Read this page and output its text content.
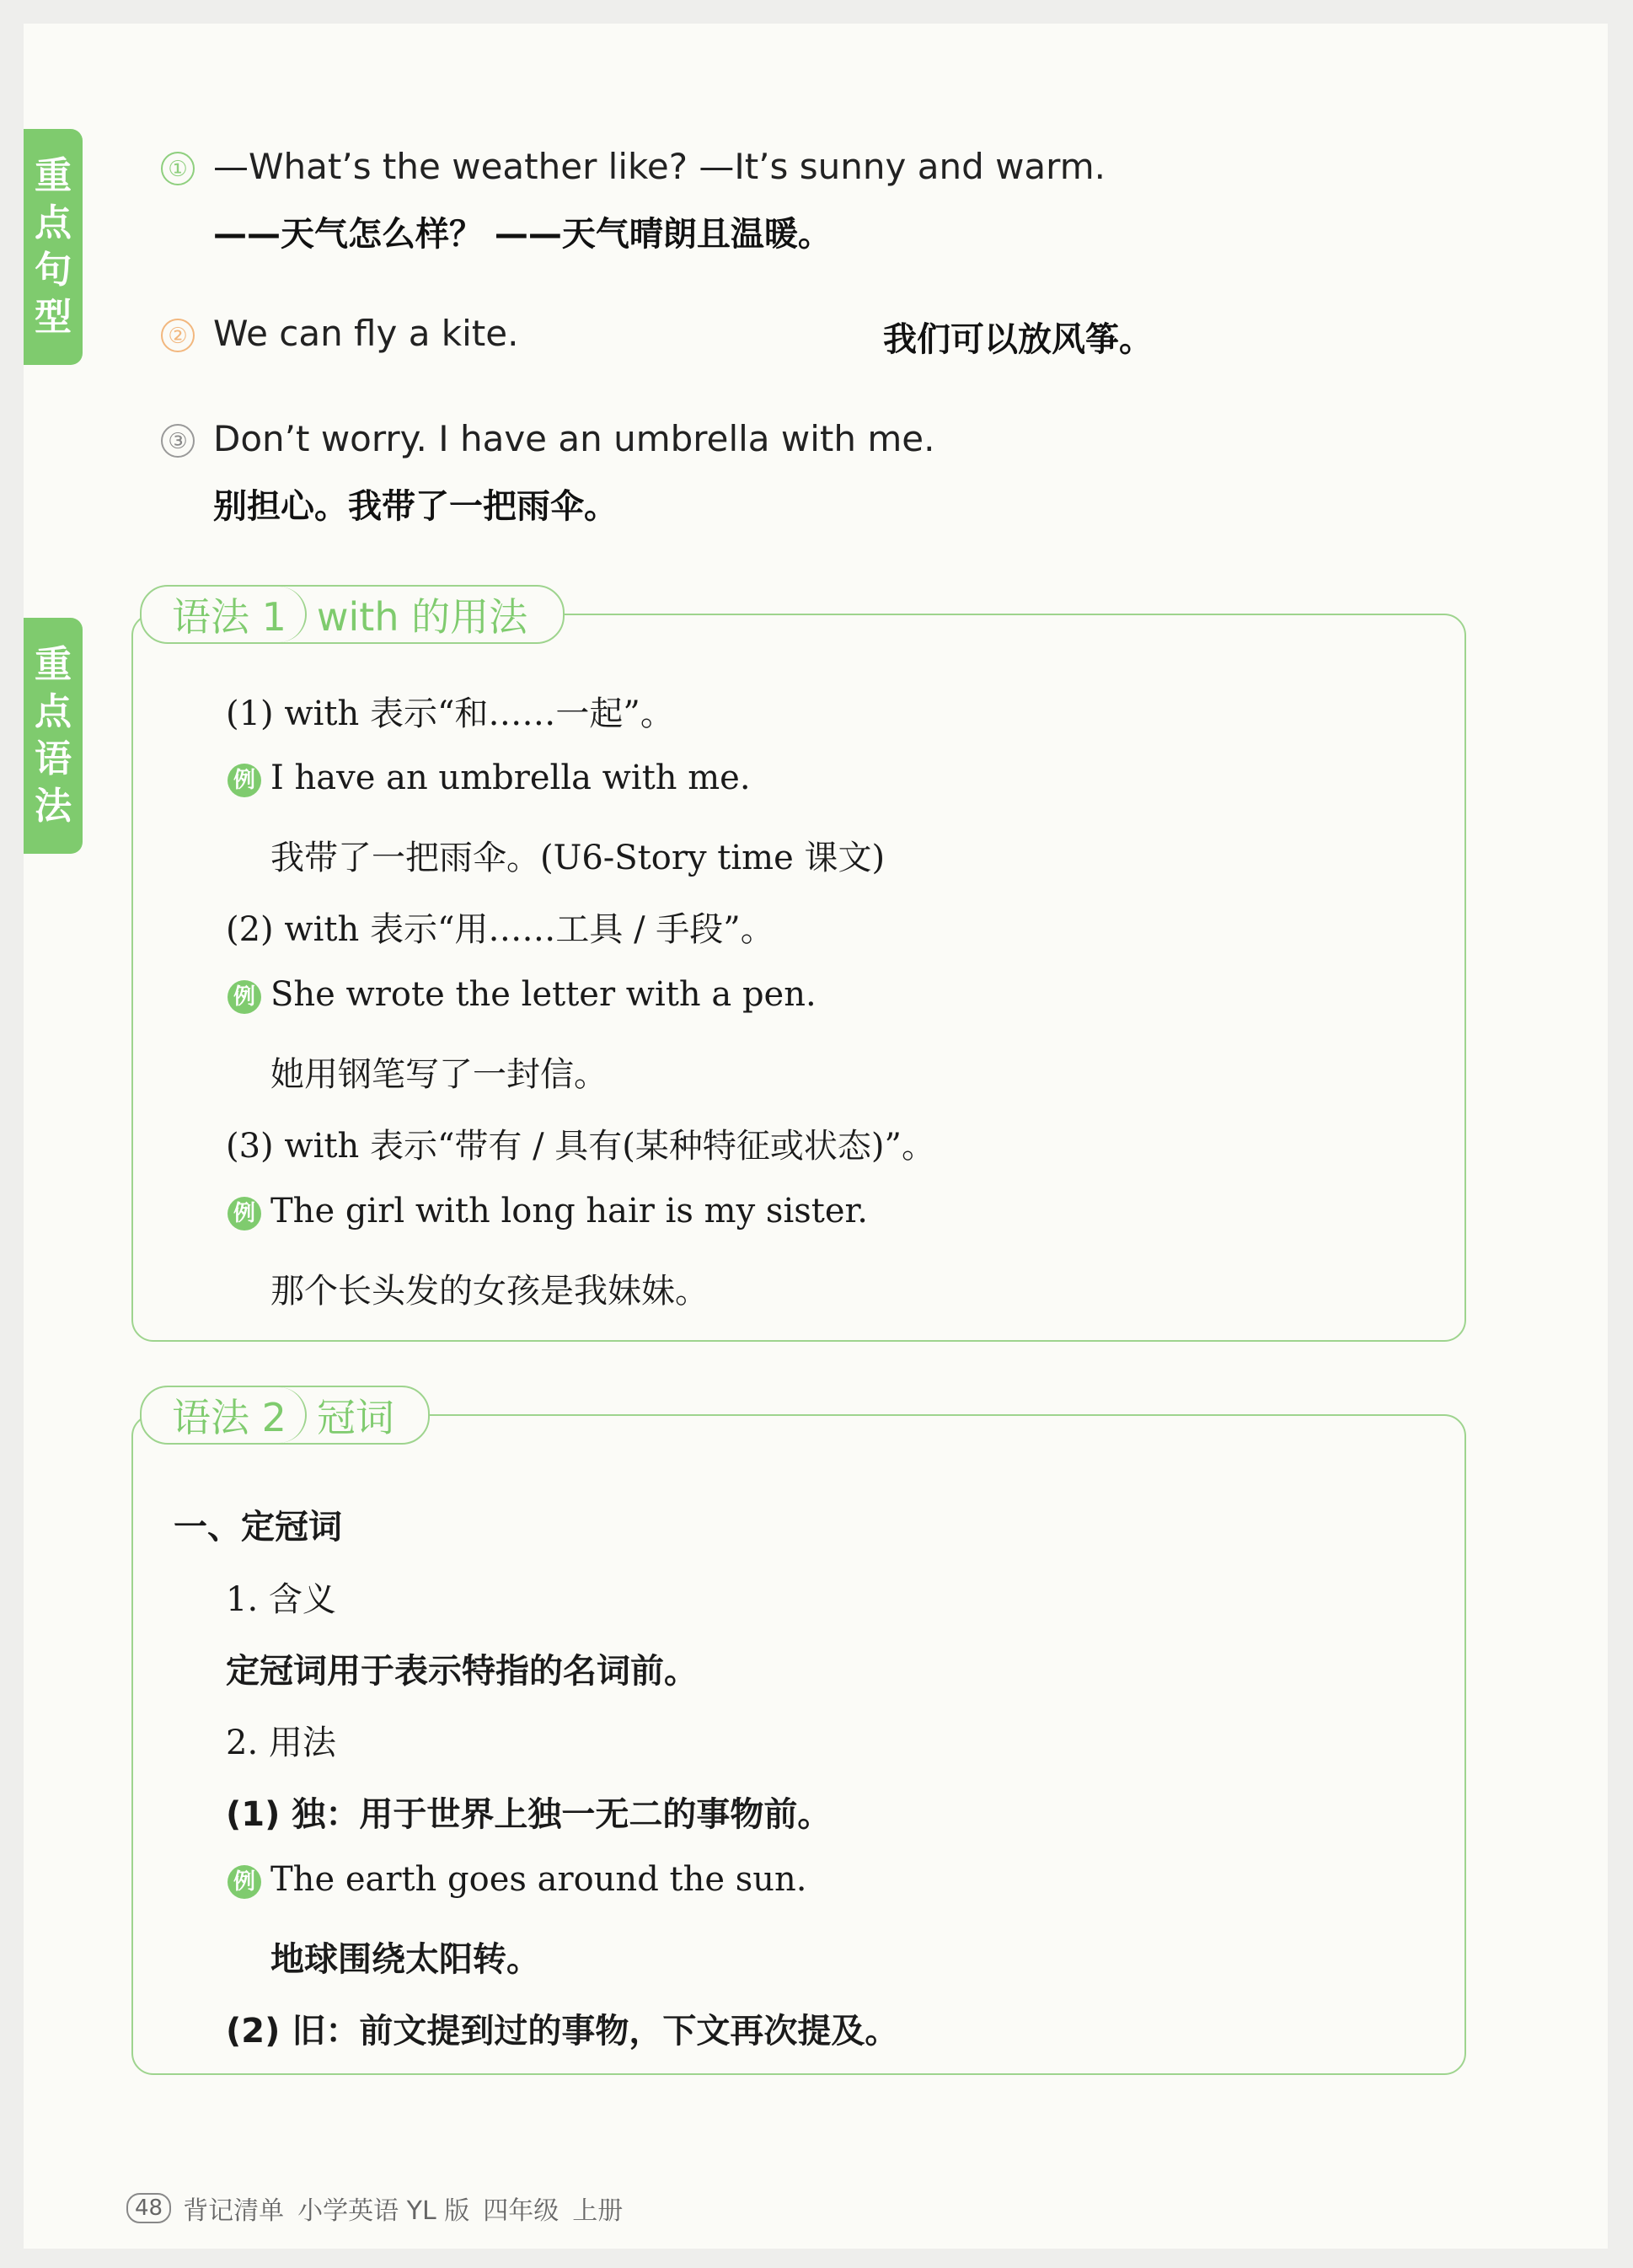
重
点
句
型
重
点
语
法
① —What’s the weather like? —It’s sunny and warm.
——天气怎么样？ ——天气晴朗且温暖。
② We can fly a kite.	我们可以放风筝。
③ Don’t worry. I have an umbrella with me.
别担心。我带了一把雨伞。
语法 1 with 的用法
(1) with 表示“和……一起”。
例 I have an umbrella with me.
我带了一把雨伞。(U6-Story time 课文)
(2) with 表示“用……工具 / 手段”。
例 She wrote the letter with a pen.
她用钢笔写了一封信。
(3) with 表示“带有 / 具有(某种特征或状态)”。
例 The girl with long hair is my sister.
那个长头发的女孩是我妹妹。
语法 2 冠词
一、定冠词
1. 含义
定冠词用于表示特指的名词前。
2. 用法
(1) 独：用于世界上独一无二的事物前。
例 The earth goes around the sun.
地球围绕太阳转。
(2) 旧：前文提到过的事物，下文再次提及。
48 背记清单 小学英语 YL 版 四年级 上册
